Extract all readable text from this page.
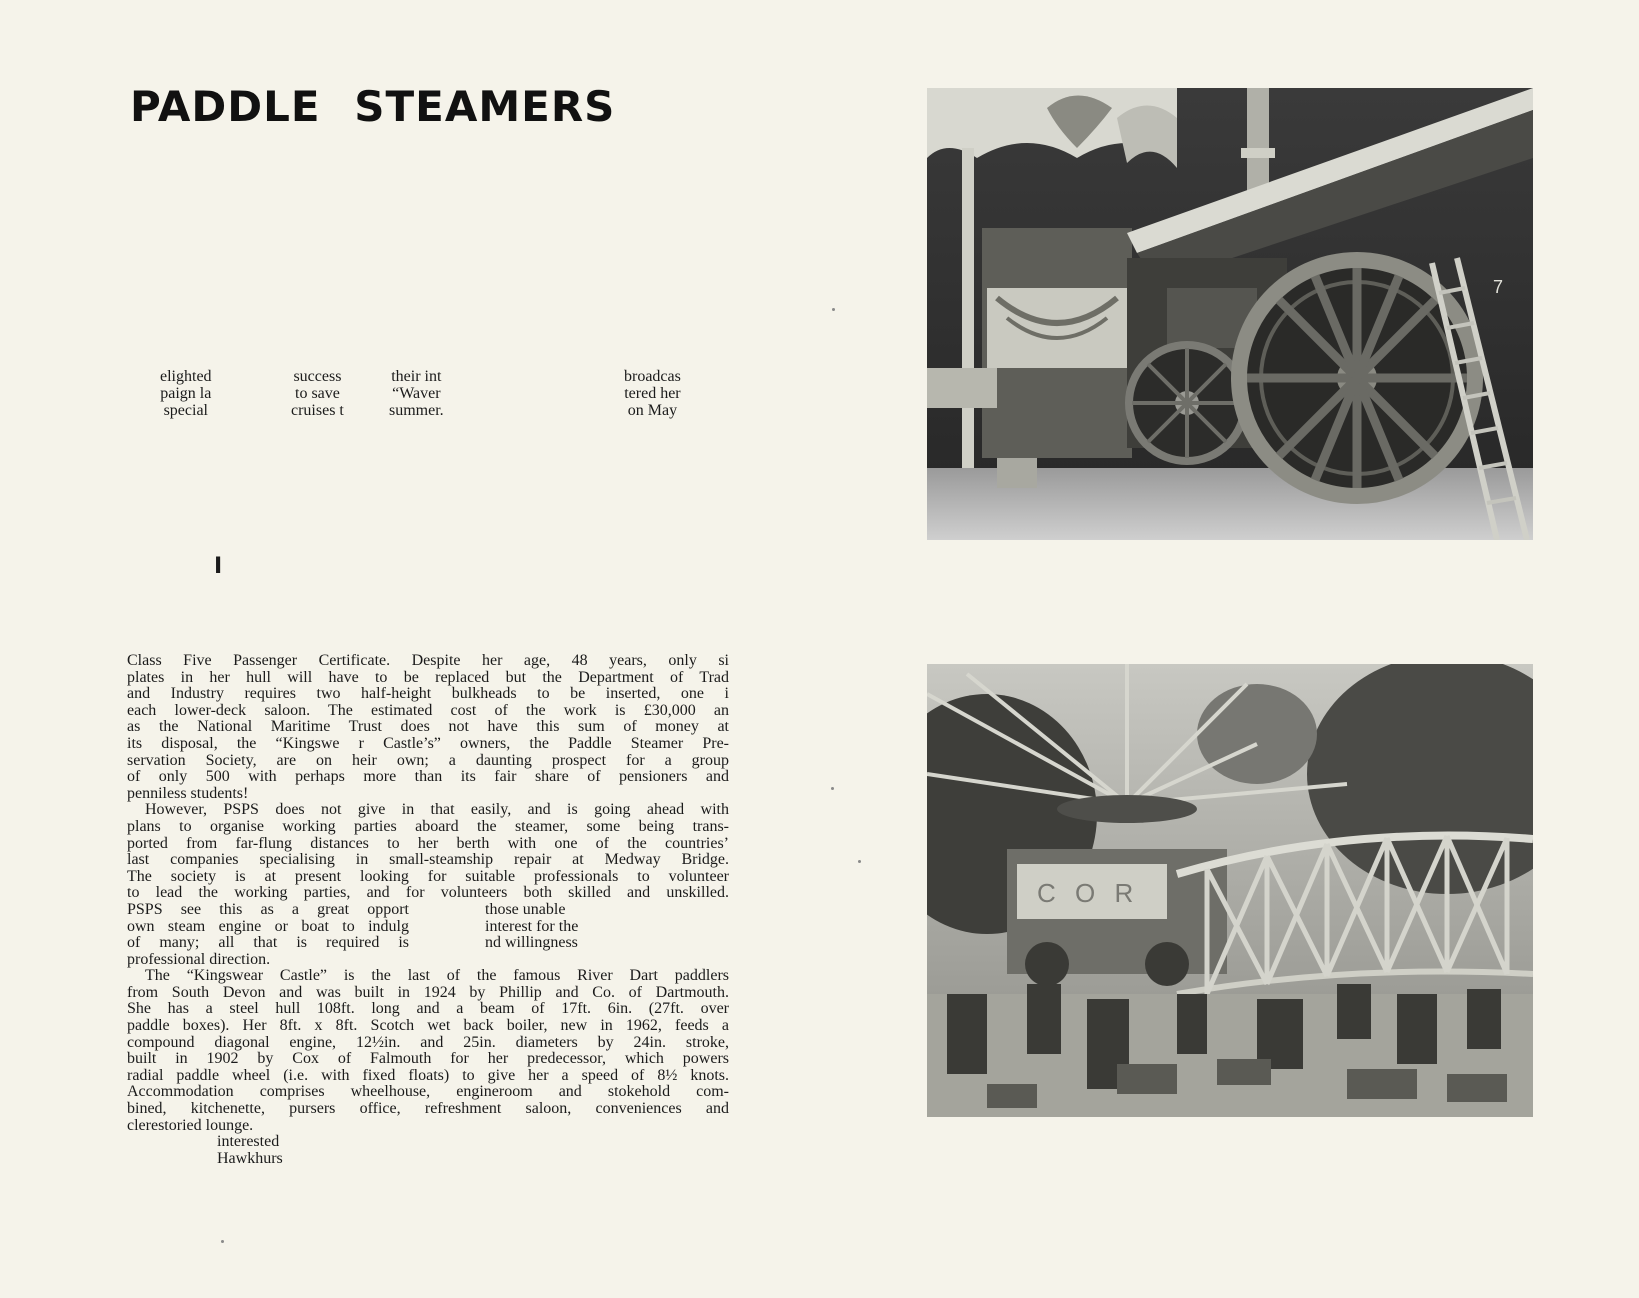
PADDLE STEAMERS
elighted
paign la
special
success
to save
cruises t
their int
“Waver
summer.
broadcas
tered her
on May
I
Class Five Passenger Certificate. Despite her age, 48 years, only si
plates in her hull will have to be replaced but the Department of Trad
and Industry requires two half-height bulkheads to be inserted, one i
each lower-deck saloon. The estimated cost of the work is £30,000 an
as the National Maritime Trust does not have this sum of money at
its disposal, the “Kingswe r Castle’s” owners, the Paddle Steamer Pre-
servation Society, are on heir own; a daunting prospect for a group
of only 500 with perhaps more than its fair share of pensioners and
penniless students!
However, PSPS does not give in that easily, and is going ahead with
plans to organise working parties aboard the steamer, some being trans-
ported from far-flung distances to her berth with one of the countries’
last companies specialising in small-steamship repair at Medway Bridge.
The society is at present looking for suitable professionals to volunteer
to lead the working parties, and for volunteers both skilled and unskilled.
PSPS see this as a great opport	those unable
own steam engine or boat to indulg	interest for the
of many; all that is required is	nd willingness
professional direction.
The “Kingswear Castle” is the last of the famous River Dart paddlers
from South Devon and was built in 1924 by Phillip and Co. of Dartmouth.
She has a steel hull 108ft. long and a beam of 17ft. 6in. (27ft. over
paddle boxes). Her 8ft. x 8ft. Scotch wet back boiler, new in 1962, feeds a
compound diagonal engine, 12½in. and 25in. diameters by 24in. stroke,
built in 1902 by Cox of Falmouth for her predecessor, which powers
radial paddle wheel (i.e. with fixed floats) to give her a speed of 8½ knots.
Accommodation comprises wheelhouse, engineroom and stokehold com-
bined, kitchenette, pursers office, refreshment saloon, conveniences and
clerestoried lounge.
interested
Hawkhurs
7
C O R
